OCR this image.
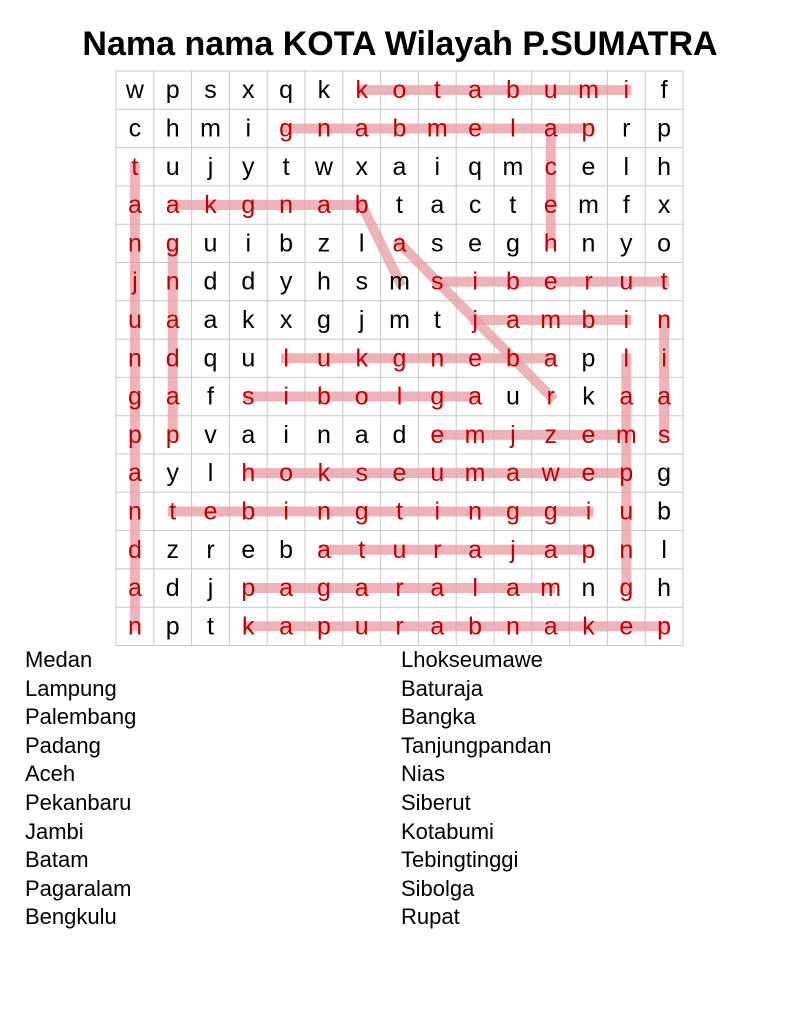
Nama nama KOTA Wilayah P.SUMATRA
w p s x q k k o t a b u m i f
c h m i g n a b m e l a p r p
t u j y t w x a i q m c e l h
a a k g n a b t a c t e m f x
n g u i b z l a s e g h n y o
j n d d y h s m s i b e r u t
u a a k x g j m t j a m b i n
n d q u l u k g n e b a p l i
g a f s i b o l g a u r k a a
p p v a i n a d e m j z e m s
a y l h o k s e u m a w e p g
n t e b i n g t i n g g i u b
d z r e b a t u r a j a p n l
a d j p a g a r a l a m n g h
n p t k a p u r a b n a k e p
Medan
Lampung
Palembang
Padang
Aceh
Pekanbaru
Jambi
Batam
Pagaralam
Bengkulu
Lhokseumawe
Baturaja
Bangka
Tanjungpandan
Nias
Siberut
Kotabumi
Tebingtinggi
Sibolga
Rupat
